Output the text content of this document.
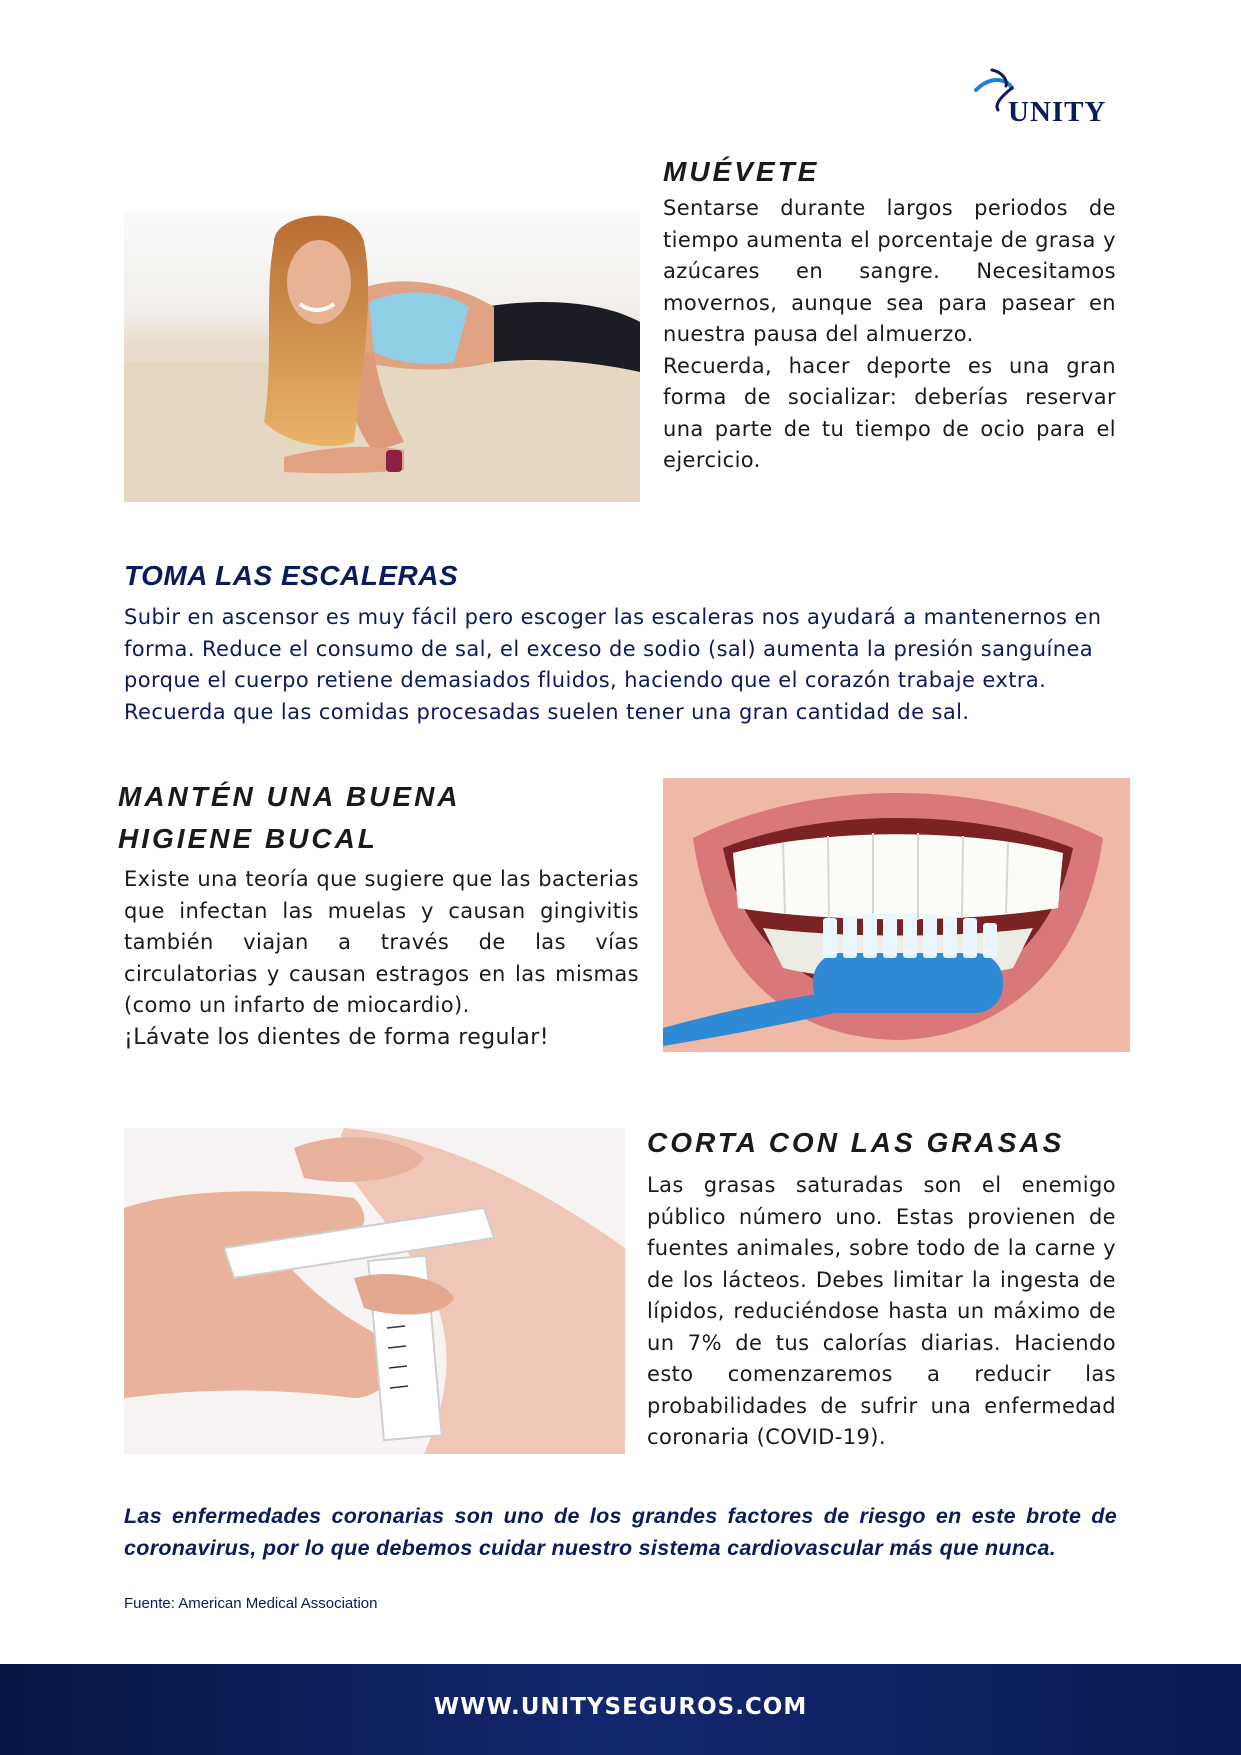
UNITY
MUÉVETE

Sentarse durante largos periodos de tiempo aumenta el porcentaje de grasa y azúcares en sangre. Necesitamos movernos, aunque sea para pasear en nuestra pausa del almuerzo.

Recuerda, hacer deporte es una gran forma de socializar: deberías reservar una parte de tu tiempo de ocio para el ejercicio.

TOMA LAS ESCALERAS

Subir en ascensor es muy fácil pero escoger las escaleras nos ayudará a mantenernos en forma. Reduce el consumo de sal, el exceso de sodio (sal) aumenta la presión sanguínea porque el cuerpo retiene demasiados fluidos, haciendo que el corazón trabaje extra. Recuerda que las comidas procesadas suelen tener una gran cantidad de sal.

MANTÉN UNA BUENA
HIGIENE BUCAL

Existe una teoría que sugiere que las bacterias que infectan las muelas y causan gingivitis también viajan a través de las vías circulatorias y causan estragos en las mismas (como un infarto de miocardio).

¡Lávate los dientes de forma regular!

CORTA CON LAS GRASAS

Las grasas saturadas son el enemigo público número uno. Estas provienen de fuentes animales, sobre todo de la carne y de los lácteos. Debes limitar la ingesta de lípidos, reduciéndose hasta un máximo de un 7% de tus calorías diarias. Haciendo esto comenzaremos a reducir las probabilidades de sufrir una enfermedad coronaria (COVID-19).

Las enfermedades coronarias son uno de los grandes factores de riesgo en este brote de coronavirus, por lo que debemos cuidar nuestro sistema cardiovascular más que nunca.

Fuente: American Medical Association

WWW.UNITYSEGUROS.COM
